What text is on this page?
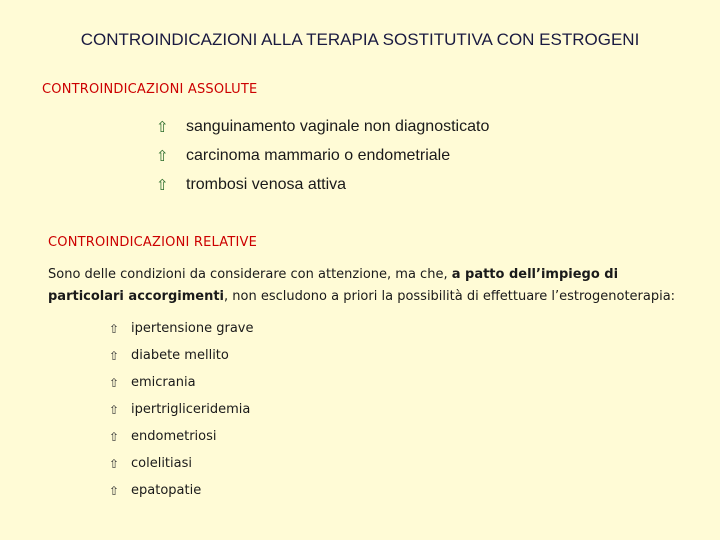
CONTROINDICAZIONI ALLA TERAPIA SOSTITUTIVA CON ESTROGENI
CONTROINDICAZIONI ASSOLUTE
⇧	sanguinamento vaginale non diagnosticato
⇧	carcinoma mammario o endometriale
⇧	trombosi venosa attiva
CONTROINDICAZIONI RELATIVE
Sono delle condizioni da considerare con attenzione, ma che, a patto dell’impiego di particolari accorgimenti, non escludono a priori la possibilità di effettuare l’estrogenoterapia:
⇧ ipertensione grave
⇧ diabete mellito
⇧ emicrania
⇧ ipertrigliceridemia
⇧ endometriosi
⇧ colelitiasi
⇧ epatopatie
